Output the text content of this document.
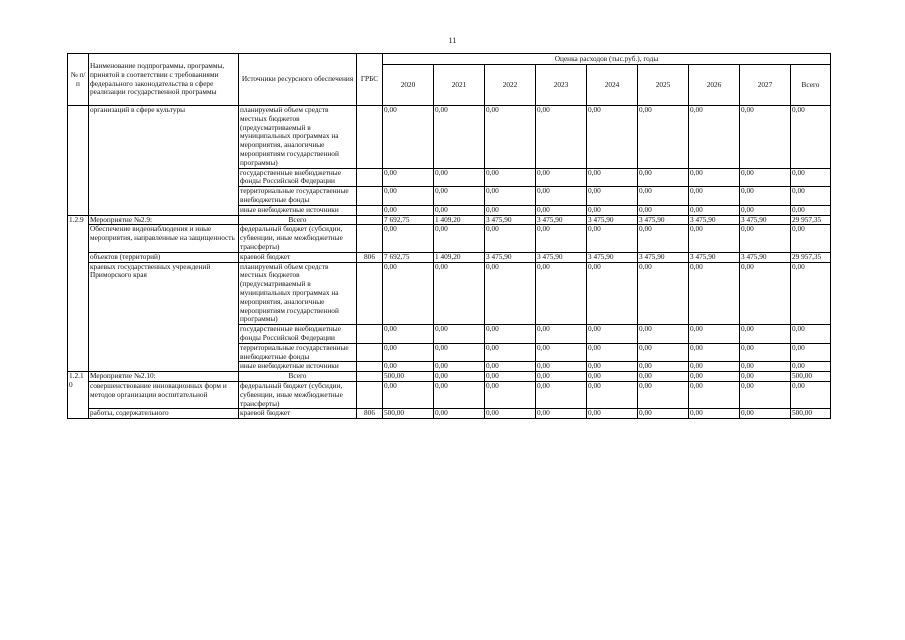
11
№ п/п	Наименование подпрограммы, программы, принятой в соответствии с требованиями федерального законодательства в сфере реализации государственной программы	Источники ресурсного обеспечения	ГРБС	Оценка расходов (тыс.руб.), годы								
				2020	2021	2022	2023	2024	2025	2026	2027	Всего
	организаций в сфере культуры	планируемый объем средств местных бюджетов (предусматриваемый в муниципальных программах на мероприятия, аналогичные мероприятиям государственной программы)		0,00	0,00	0,00	0,00	0,00	0,00	0,00	0,00	0,00
		государственные внебюджетные фонды Российской Федерации		0,00	0,00	0,00	0,00	0,00	0,00	0,00	0,00	0,00
		территориальные государственные внебюджетные фонды		0,00	0,00	0,00	0,00	0,00	0,00	0,00	0,00	0,00
		иные внебюджетные источники		0,00	0,00	0,00	0,00	0,00	0,00	0,00	0,00	0,00
1.2.9	Мероприятие №2.9:	Всего		7 692,75	1 409,20	3 475,90	3 475,90	3 475,90	3 475,90	3 475,90	3 475,90	29 957,35
	Обеспечение видеонаблюдения и иные мероприятия, направленные на защищенность	федеральный бюджет (субсидии, субвенции, иные межбюджетные трансферты)		0,00	0,00	0,00	0,00	0,00	0,00	0,00	0,00	0,00
	объектов (территорий)	краевой бюджет	806	7 692,75	1 409,20	3 475,90	3 475,90	3 475,90	3 475,90	3 475,90	3 475,90	29 957,35
	краевых государственных учреждений Приморского края	планируемый объем средств местных бюджетов (предусматриваемый в муниципальных программах на мероприятия, аналогичные мероприятиям государственной программы)		0,00	0,00	0,00	0,00	0,00	0,00	0,00	0,00	0,00
		государственные внебюджетные фонды Российской Федерации		0,00	0,00	0,00	0,00	0,00	0,00	0,00	0,00	0,00
		территориальные государственные внебюджетные фонды		0,00	0,00	0,00	0,00	0,00	0,00	0,00	0,00	0,00
		иные внебюджетные источники		0,00	0,00	0,00	0,00	0,00	0,00	0,00	0,00	0,00
1.2.10	Мероприятие №2.10:	Всего		500,00	0,00	0,00	0,00	0,00	0,00	0,00	0,00	500,00
	совершенствование инновационных форм и методов организации воспитательной	федеральный бюджет (субсидии, субвенции, иные межбюджетные трансферты)		0,00	0,00	0,00	0,00	0,00	0,00	0,00	0,00	0,00
	работы, содержательного	краевой бюджет	806	500,00	0,00	0,00	0,00	0,00	0,00	0,00	0,00	500,00
